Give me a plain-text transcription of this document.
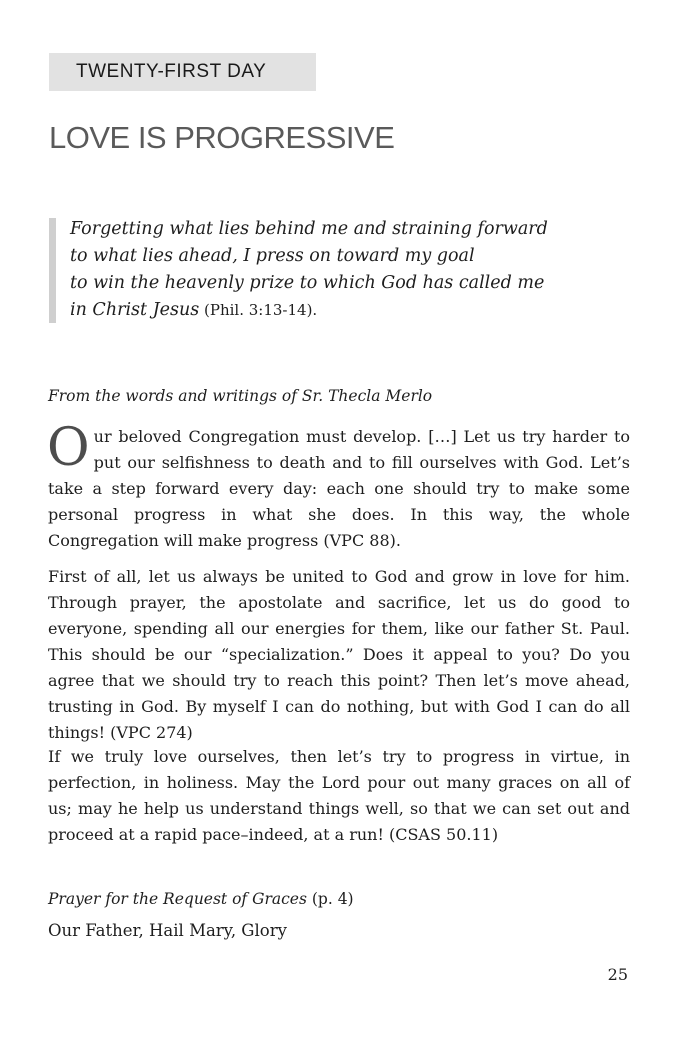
TWENTY-FIRST DAY
LOVE IS PROGRESSIVE
Forgetting what lies behind me and straining forward
to what lies ahead, I press on toward my goal
to win the heavenly prize to which God has called me
in Christ Jesus (Phil. 3:13-14).
From the words and writings of Sr. Thecla Merlo

Our beloved Congregation must develop. […] Let us try harder to put our selfishness to death and to fill ourselves with God. Let’s take a step forward every day: each one should try to make some personal progress in what she does. In this way, the whole Congregation will make progress (VPC 88).

First of all, let us always be united to God and grow in love for him. Through prayer, the apostolate and sacrifice, let us do good to everyone, spending all our energies for them, like our father St. Paul. This should be our “specialization.” Does it appeal to you? Do you agree that we should try to reach this point? Then let’s move ahead, trusting in God. By myself I can do nothing, but with God I can do all things! (VPC 274)

If we truly love ourselves, then let’s try to progress in virtue, in perfection, in holiness. May the Lord pour out many graces on all of us; may he help us understand things well, so that we can set out and proceed at a rapid pace–indeed, at a run! (CSAS 50.11)

Prayer for the Request of Graces (p. 4)
Our Father, Hail Mary, Glory
25
